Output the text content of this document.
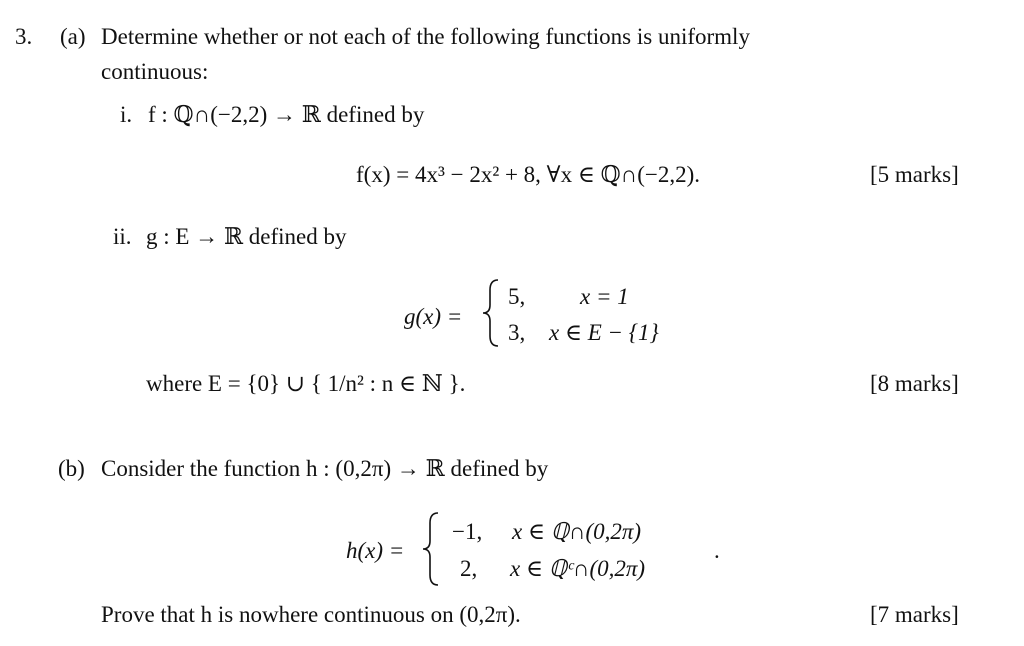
3. (a) Determine whether or not each of the following functions is uniformly
continuous:
i. f : ℚ∩(−2,2) → ℝ defined by
f(x) = 4x³ − 2x² + 8, ∀x ∈ ℚ∩(−2,2).	[5 marks]
ii. g : E → ℝ defined by
g(x) =
5, x = 1
3, x ∈ E − {1}
where E = {0} ∪ { 1/n² : n ∈ ℕ }.	[8 marks]
(b) Consider the function h : (0,2π) → ℝ defined by
h(x) =
−1, x ∈ ℚ∩(0,2π)
2, x ∈ ℚᶜ∩(0,2π)
.
Prove that h is nowhere continuous on (0,2π).	[7 marks]
